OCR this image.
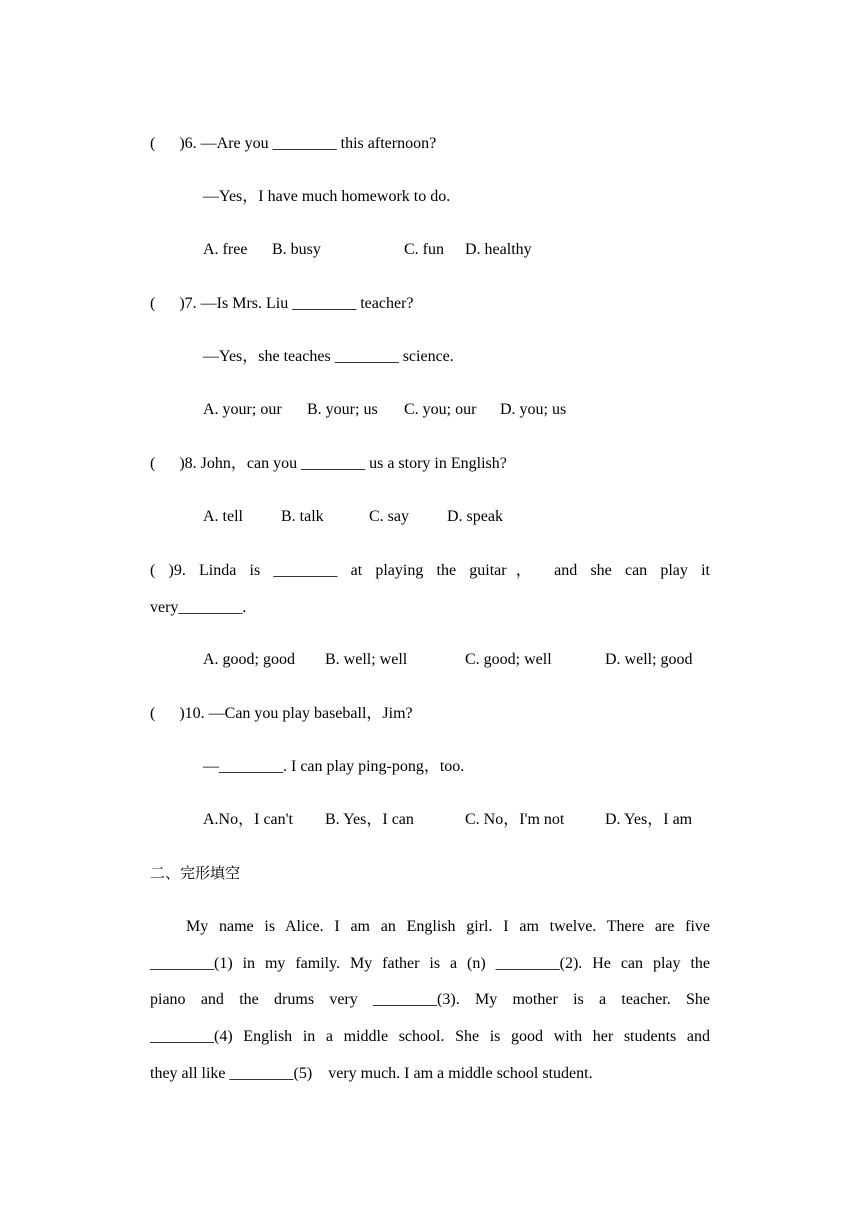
(      )6. —Are you ________ this afternoon?
—Yes，I have much homework to do.
A. free B. busy	C. fun D. healthy
(      )7. —Is Mrs. Liu ________ teacher?
—Yes，she teaches ________ science.
A. your; our B. your; us C. you; our D. you; us
(      )8. John，can you ________ us a story in English?
A. tell B. talk	C. say D. speak
( )9. Linda is ________ at playing the guitar， and she can play it
very________.
A. good; good B. well; well	C. good; well	D. well; good
(      )10. —Can you play baseball，Jim?
—________. I can play ping-pong，too.
A.No，I can't B. Yes，I can	C. No，I'm not	D. Yes，I am
二、完形填空
My name is Alice. I am an English girl. I am twelve. There are five
________(1) in my family. My father is a (n) ________(2). He can play the
piano and the drums very ________(3). My mother is a teacher. She
________(4) English in a middle school. She is good with her students and
they all like ________(5)    very much. I am a middle school student.
